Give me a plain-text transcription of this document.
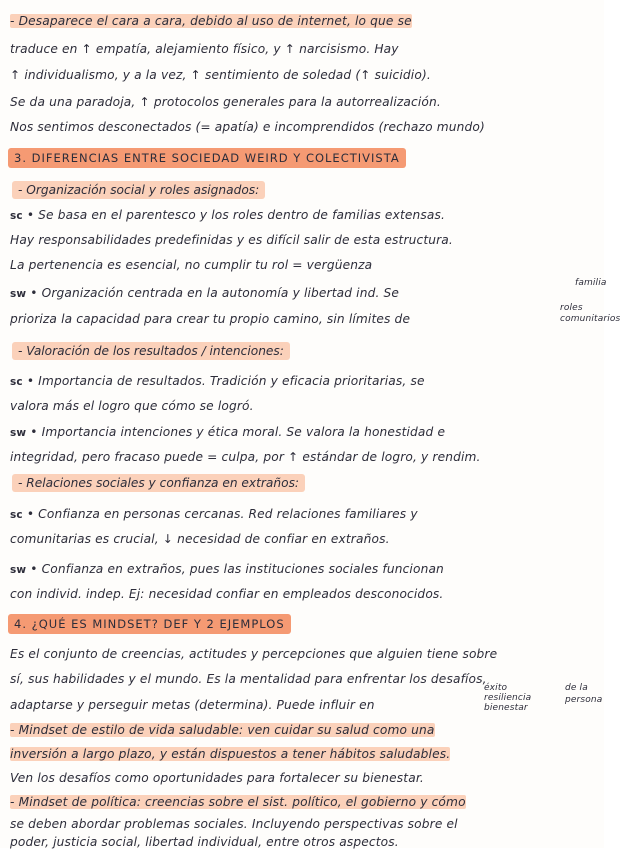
- Desaparece el cara a cara, debido al uso de internet, lo que se
traduce en ↑ empatía, alejamiento físico, y ↑ narcisismo. Hay
↑ individualismo, y a la vez, ↑ sentimiento de soledad (↑ suicidio).
Se da una paradoja, ↑ protocolos generales para la autorrealización.
Nos sentimos desconectados (= apatía) e incomprendidos (rechazo mundo)
3. DIFERENCIAS ENTRE SOCIEDAD WEIRD Y COLECTIVISTA
- Organización social y roles asignados:
sc • Se basa en el parentesco y los roles dentro de familias extensas.
Hay responsabilidades predefinidas y es difícil salir de esta estructura.
La pertenencia es esencial, no cumplir tu rol = vergüenza
sw • Organización centrada en la autonomía y libertad ind. Se
familia
prioriza la capacidad para crear tu propio camino, sin límites de
roles
comunitarios
- Valoración de los resultados / intenciones:
sc • Importancia de resultados. Tradición y eficacia prioritarias, se
valora más el logro que cómo se logró.
sw • Importancia intenciones y ética moral. Se valora la honestidad e
integridad, pero fracaso puede = culpa, por ↑ estándar de logro, y rendim.
- Relaciones sociales y confianza en extraños:
sc • Confianza en personas cercanas. Red relaciones familiares y
comunitarias es crucial, ↓ necesidad de confiar en extraños.
sw • Confianza en extraños, pues las instituciones sociales funcionan
con individ. indep. Ej: necesidad confiar en empleados desconocidos.
4. ¿QUÉ ES MINDSET? DEF Y 2 EJEMPLOS
Es el conjunto de creencias, actitudes y percepciones que alguien tiene sobre
sí, sus habilidades y el mundo. Es la mentalidad para enfrentar los desafíos,
adaptarse y perseguir metas (determina). Puede influir en
éxito
resiliencia
bienestar
de la
persona
- Mindset de estilo de vida saludable: ven cuidar su salud como una
inversión a largo plazo, y están dispuestos a tener hábitos saludables.
Ven los desafíos como oportunidades para fortalecer su bienestar.
- Mindset de política: creencias sobre el sist. político, el gobierno y cómo
se deben abordar problemas sociales. Incluyendo perspectivas sobre el
poder, justicia social, libertad individual, entre otros aspectos.
